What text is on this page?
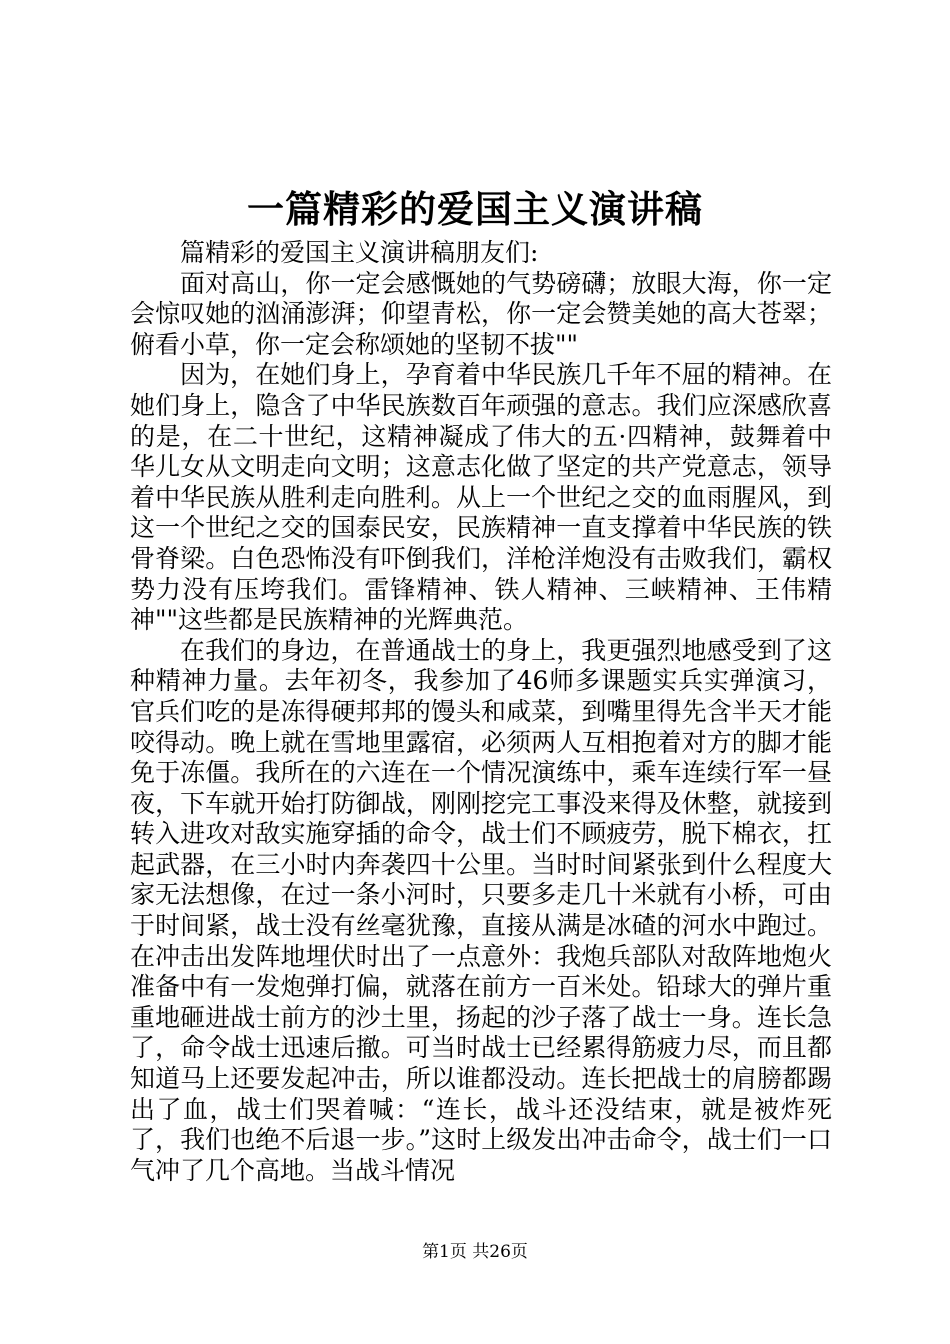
一篇精彩的爱国主义演讲稿

篇精彩的爱国主义演讲稿朋友们:

面对高山，你一定会感慨她的气势磅礴；放眼大海，你一定会惊叹她的汹涌澎湃；仰望青松，你一定会赞美她的高大苍翠；俯看小草，你一定会称颂她的坚韧不拔""

因为，在她们身上，孕育着中华民族几千年不屈的精神。在她们身上，隐含了中华民族数百年顽强的意志。我们应深感欣喜的是，在二十世纪，这精神凝成了伟大的五·四精神，鼓舞着中华儿女从文明走向文明；这意志化做了坚定的共产党意志，领导着中华民族从胜利走向胜利。从上一个世纪之交的血雨腥风，到这一个世纪之交的国泰民安，民族精神一直支撑着中华民族的铁骨脊梁。白色恐怖没有吓倒我们，洋枪洋炮没有击败我们，霸权势力没有压垮我们。雷锋精神、铁人精神、三峡精神、王伟精神""这些都是民族精神的光辉典范。

在我们的身边，在普通战士的身上，我更强烈地感受到了这种精神力量。去年初冬，我参加了46师多课题实兵实弹演习，官兵们吃的是冻得硬邦邦的馒头和咸菜，到嘴里得先含半天才能咬得动。晚上就在雪地里露宿，必须两人互相抱着对方的脚才能免于冻僵。我所在的六连在一个情况演练中，乘车连续行军一昼夜，下车就开始打防御战，刚刚挖完工事没来得及休整，就接到转入进攻对敌实施穿插的命令，战士们不顾疲劳，脱下棉衣，扛起武器，在三小时内奔袭四十公里。当时时间紧张到什么程度大家无法想像，在过一条小河时，只要多走几十米就有小桥，可由于时间紧，战士没有丝毫犹豫，直接从满是冰碴的河水中跑过。在冲击出发阵地埋伏时出了一点意外：我炮兵部队对敌阵地炮火准备中有一发炮弹打偏，就落在前方一百米处。铅球大的弹片重重地砸进战士前方的沙土里，扬起的沙子落了战士一身。连长急了，命令战士迅速后撤。可当时战士已经累得筋疲力尽，而且都知道马上还要发起冲击，所以谁都没动。连长把战士的肩膀都踢出了血，战士们哭着喊：“连长，战斗还没结束，就是被炸死了，我们也绝不后退一步。”这时上级发出冲击命令，战士们一口气冲了几个高地。当战斗情况

第1页 共26页
